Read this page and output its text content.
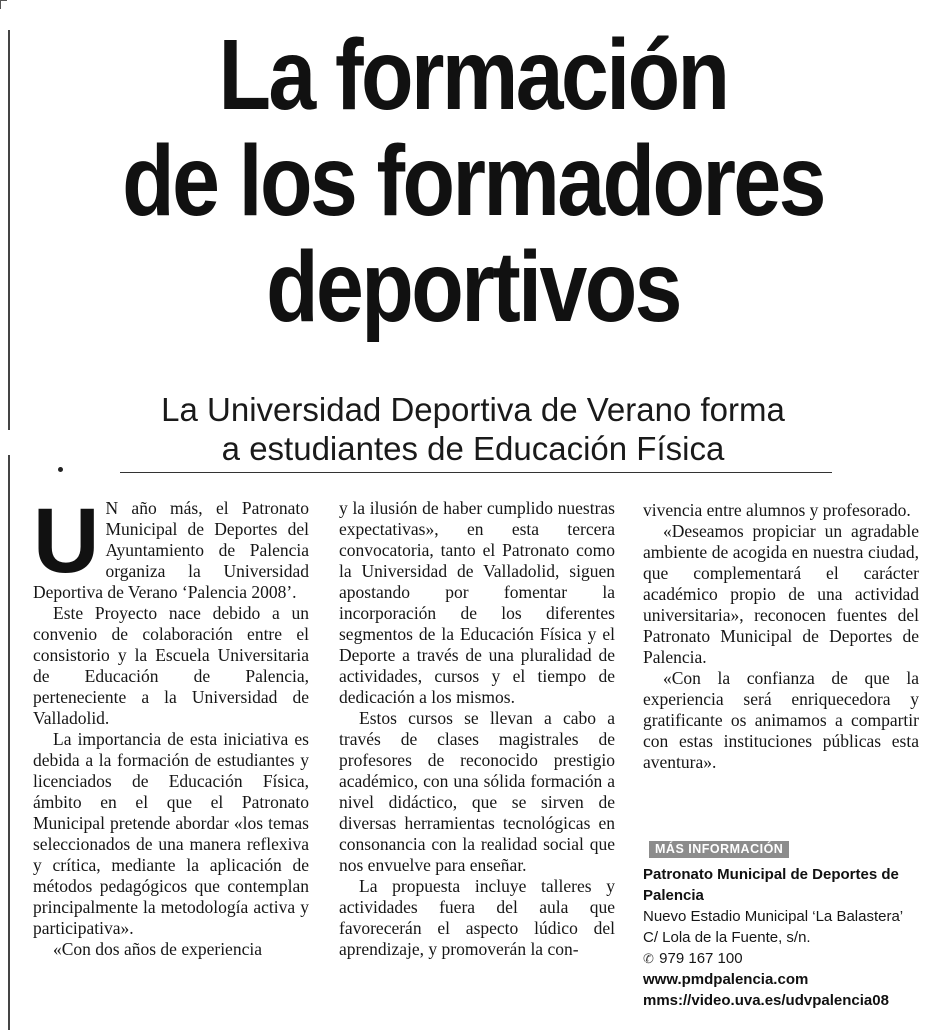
La formación
de los formadores
deportivos
La Universidad Deportiva de Verano forma
a estudiantes de Educación Física

U N año más, el Patronato Municipal de Deportes del Ayuntamiento de Palencia organiza la Universidad Deportiva de Verano ‘Palencia 2008’.

Este Proyecto nace debido a un convenio de colaboración entre el consistorio y la Escuela Universitaria de Educación de Palencia, perteneciente a la Universidad de Valladolid.

La importancia de esta iniciativa es debida a la formación de estudiantes y licenciados de Educación Física, ámbito en el que el Patronato Municipal pretende abordar «los temas seleccionados de una manera reflexiva y crítica, mediante la aplicación de métodos pedagógicos que contemplan principalmente la metodología activa y participativa».

«Con dos años de experiencia

y la ilusión de haber cumplido nuestras expectativas», en esta tercera convocatoria, tanto el Patronato como la Universidad de Valladolid, siguen apostando por fomentar la incorporación de los diferentes segmentos de la Educación Física y el Deporte a través de una pluralidad de actividades, cursos y el tiempo de dedicación a los mismos.

Estos cursos se llevan a cabo a través de clases magistrales de profesores de reconocido prestigio académico, con una sólida formación a nivel didáctico, que se sirven de diversas herramientas tecnológicas en consonancia con la realidad social que nos envuelve para enseñar.

La propuesta incluye talleres y actividades fuera del aula que favorecerán el aspecto lúdico del aprendizaje, y promoverán la con-

vivencia entre alumnos y profesorado.

«Deseamos propiciar un agradable ambiente de acogida en nuestra ciudad, que complementará el carácter académico propio de una actividad universitaria», reconocen fuentes del Patronato Municipal de Deportes de Palencia.

«Con la confianza de que la experiencia será enriquecedora y gratificante os animamos a compartir con estas instituciones públicas esta aventura».

MÁS INFORMACIÓN
Patronato Municipal de Deportes de Palencia
Nuevo Estadio Municipal ‘La Balastera’
C/ Lola de la Fuente, s/n.
✆ 979 167 100
www.pmdpalencia.com
mms://video.uva.es/udvpalencia08
